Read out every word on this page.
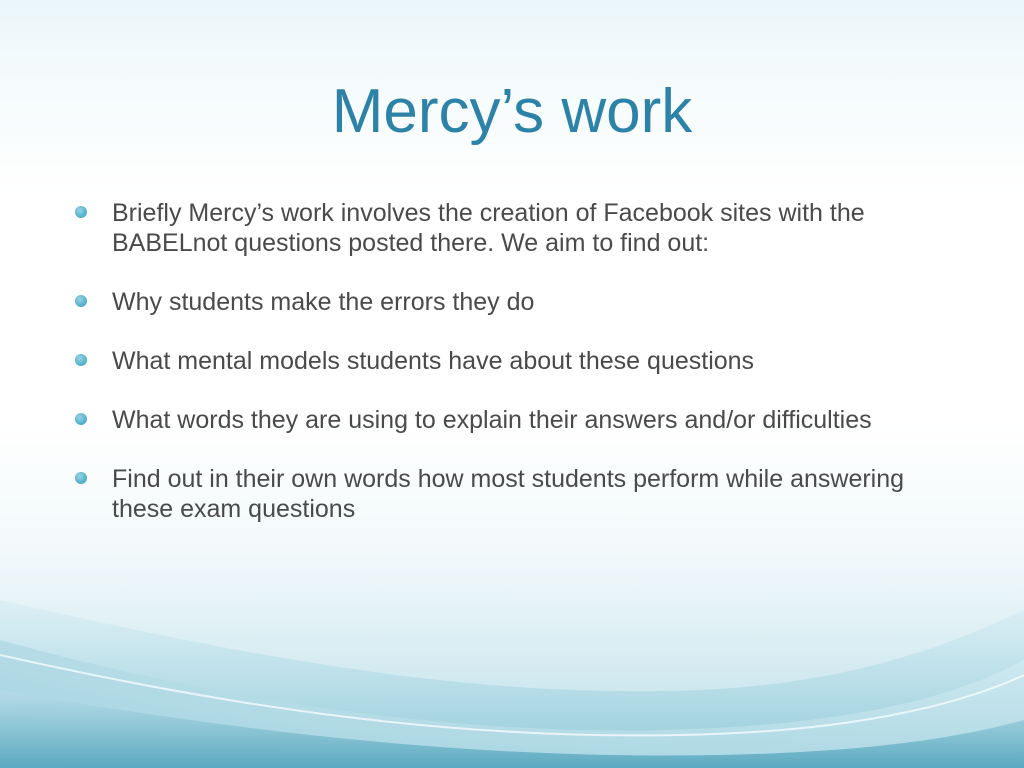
Mercy’s work
Briefly Mercy’s work involves the creation of Facebook sites with the BABELnot questions posted there. We aim to find out:
Why students make the errors they do
What mental models students have about these questions
What words they are using to explain their answers and/or difficulties
Find out in their own words how most students perform while answering these exam questions
